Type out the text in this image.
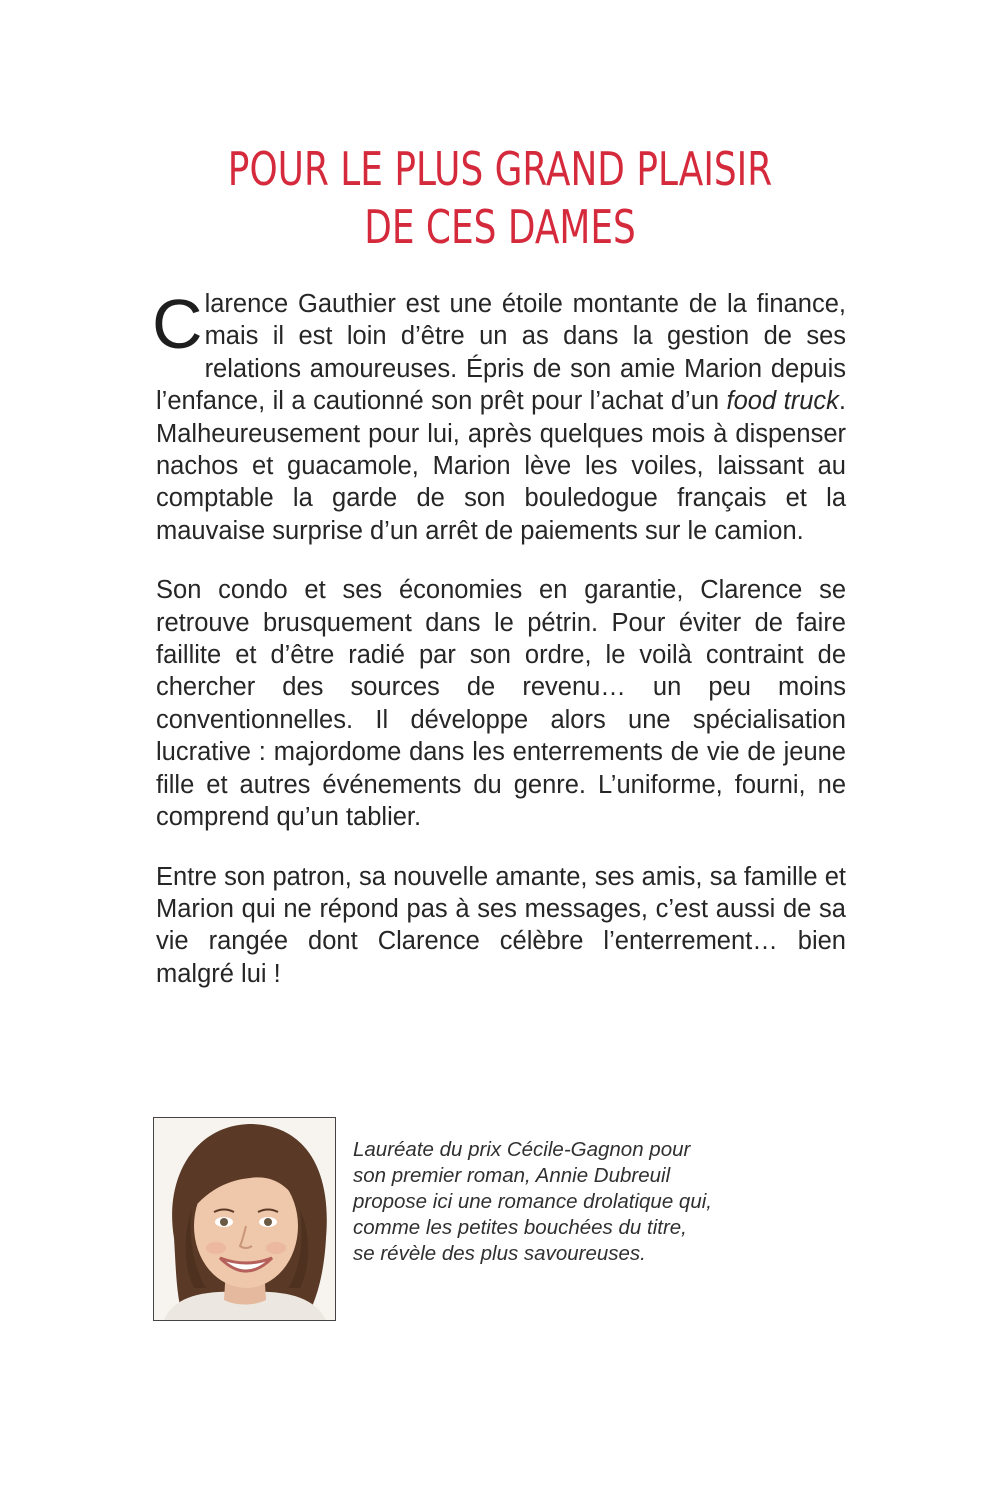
POUR LE PLUS GRAND PLAISIR
DE CES DAMES

Clarence Gauthier est une étoile montante de la finance, mais il est loin d’être un as dans la gestion de ses relations amoureuses. Épris de son amie Marion depuis l’enfance, il a cautionné son prêt pour l’achat d’un food truck. Malheureusement pour lui, après quelques mois à dispenser nachos et guacamole, Marion lève les voiles, laissant au comptable la garde de son bouledogue français et la mauvaise surprise d’un arrêt de paiements sur le camion.

Son condo et ses économies en garantie, Clarence se retrouve brusquement dans le pétrin. Pour éviter de faire faillite et d’être radié par son ordre, le voilà contraint de chercher des sources de revenu… un peu moins conventionnelles. Il développe alors une spécialisation lucrative : majordome dans les enterrements de vie de jeune fille et autres événements du genre. L’uniforme, fourni, ne comprend qu’un tablier.

Entre son patron, sa nouvelle amante, ses amis, sa famille et Marion qui ne répond pas à ses messages, c’est aussi de sa vie rangée dont Clarence célèbre l’enterrement… bien malgré lui !

Lauréate du prix Cécile-Gagnon pour
son premier roman, Annie Dubreuil
propose ici une romance drolatique qui,
comme les petites bouchées du titre,
se révèle des plus savoureuses.
